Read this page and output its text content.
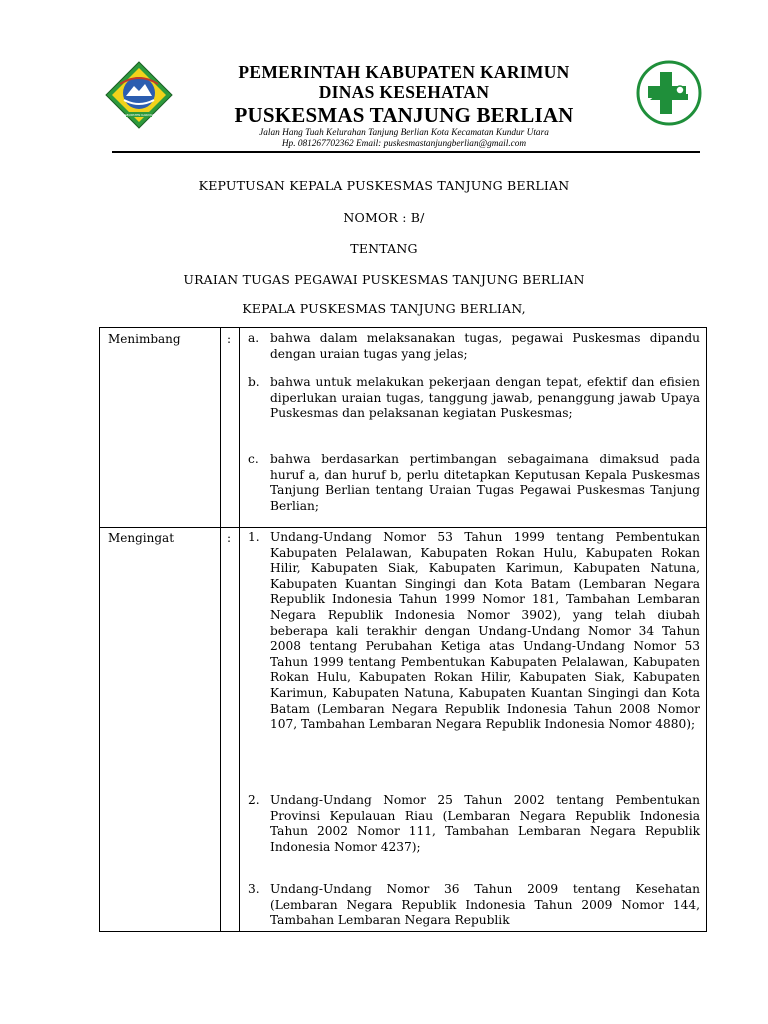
KABUPATEN KARIMUN
PEMERINTAH KABUPATEN KARIMUN
DINAS KESEHATAN
PUSKESMAS TANJUNG BERLIAN
Jalan Hang Tuah Kelurahan Tanjung Berlian Kota Kecamatan Kundur Utara
Hp. 081267702362 Email: puskesmastanjungberlian@gmail.com
KEPUTUSAN KEPALA PUSKESMAS TANJUNG BERLIAN
NOMOR : B/
TENTANG
URAIAN TUGAS PEGAWAI PUSKESMAS TANJUNG BERLIAN
KEPALA PUSKESMAS TANJUNG BERLIAN,
Menimbang	: a. bahwa dalam melaksanakan tugas, pegawai Puskesmas dipandu dengan uraian tugas yang jelas;
b. bahwa untuk melakukan pekerjaan dengan tepat, efektif dan efisien diperlukan uraian tugas, tanggung jawab, penanggung jawab Upaya Puskesmas dan pelaksanan kegiatan Puskesmas;
c. bahwa berdasarkan pertimbangan sebagaimana dimaksud pada huruf a, dan huruf b, perlu ditetapkan Keputusan Kepala Puskesmas Tanjung Berlian tentang Uraian Tugas Pegawai Puskesmas Tanjung Berlian;
Mengingat	: 1. Undang-Undang Nomor 53 Tahun 1999 tentang Pembentukan Kabupaten Pelalawan, Kabupaten Rokan Hulu, Kabupaten Rokan Hilir, Kabupaten Siak, Kabupaten Karimun, Kabupaten Natuna, Kabupaten Kuantan Singingi dan Kota Batam (Lembaran Negara Republik Indonesia Tahun 1999 Nomor 181, Tambahan Lembaran Negara Republik Indonesia Nomor 3902), yang telah diubah beberapa kali terakhir dengan Undang-Undang Nomor 34 Tahun 2008 tentang Perubahan Ketiga atas Undang-Undang Nomor 53 Tahun 1999 tentang Pembentukan Kabupaten Pelalawan, Kabupaten Rokan Hulu, Kabupaten Rokan Hilir, Kabupaten Siak, Kabupaten Karimun, Kabupaten Natuna, Kabupaten Kuantan Singingi dan Kota Batam (Lembaran Negara Republik Indonesia Tahun 2008 Nomor 107, Tambahan Lembaran Negara Republik Indonesia Nomor 4880);
2. Undang-Undang Nomor 25 Tahun 2002 tentang Pembentukan Provinsi Kepulauan Riau (Lembaran Negara Republik Indonesia Tahun 2002 Nomor 111, Tambahan Lembaran Negara Republik Indonesia Nomor 4237);
3. Undang-Undang Nomor 36 Tahun 2009 tentang Kesehatan (Lembaran Negara Republik Indonesia Tahun 2009 Nomor 144, Tambahan Lembaran Negara Republik
